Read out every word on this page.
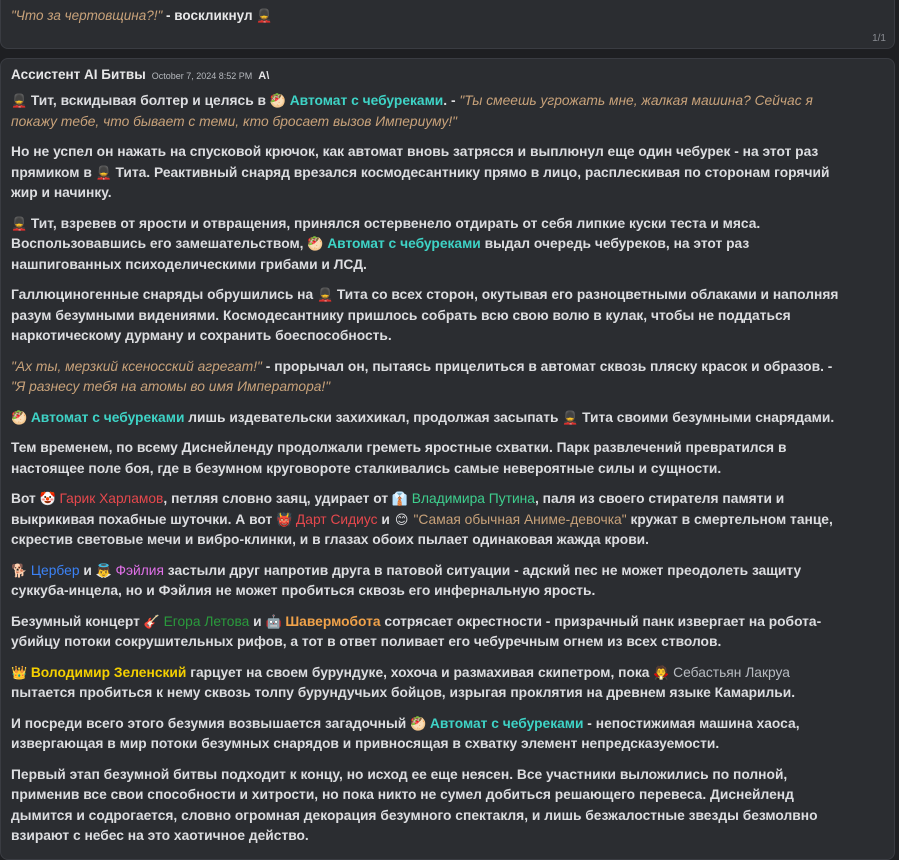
"Что за чертовщина?!" - воскликнул 💂
1/1
Ассистент AI Битвы October 7, 2024 8:52 PM A\

💂 Тит, вскидывая болтер и целясь в 🥙 Автомат с чебуреками. - "Ты смеешь угрожать мне, жалкая машина? Сейчас я покажу тебе, что бывает с теми, кто бросает вызов Империуму!"

Но не успел он нажать на спусковой крючок, как автомат вновь затрясся и выплюнул еще один чебурек - на этот раз прямиком в 💂 Тита. Реактивный снаряд врезался космодесантнику прямо в лицо, расплескивая по сторонам горячий жир и начинку.

💂 Тит, взревев от ярости и отвращения, принялся остервенело отдирать от себя липкие куски теста и мяса. Воспользовавшись его замешательством, 🥙 Автомат с чебуреками выдал очередь чебуреков, на этот раз нашпигованных психоделическими грибами и ЛСД.

Галлюциногенные снаряды обрушились на 💂 Тита со всех сторон, окутывая его разноцветными облаками и наполняя разум безумными видениями. Космодесантнику пришлось собрать всю свою волю в кулак, чтобы не поддаться наркотическому дурману и сохранить боеспособность.

"Ах ты, мерзкий ксеносский агрегат!" - прорычал он, пытаясь прицелиться в автомат сквозь пляску красок и образов. - "Я разнесу тебя на атомы во имя Императора!"

🥙 Автомат с чебуреками лишь издевательски захихикал, продолжая засыпать 💂 Тита своими безумными снарядами.

Тем временем, по всему Диснейленду продолжали греметь яростные схватки. Парк развлечений превратился в настоящее поле боя, где в безумном круговороте сталкивались самые невероятные силы и сущности.

Вот 🤡 Гарик Харламов, петляя словно заяц, удирает от 👔 Владимира Путина, паля из своего стирателя памяти и выкрикивая похабные шуточки. А вот 👹 Дарт Сидиус и 😊 "Самая обычная Аниме-девочка" кружат в смертельном танце, скрестив световые мечи и вибро-клинки, и в глазах обоих пылает одинаковая жажда крови.

🐕 Цербер и 👼 Фэйлия застыли друг напротив друга в патовой ситуации - адский пес не может преодолеть защиту суккуба-инцела, но и Фэйлия не может пробиться сквозь его инфернальную ярость.

Безумный концерт 🎸 Егора Летова и 🤖 Шавермобота сотрясает окрестности - призрачный панк извергает на робота-убийцу потоки сокрушительных рифов, а тот в ответ поливает его чебуречным огнем из всех стволов.

👑 Володимир Зеленский гарцует на своем бурундуке, хохоча и размахивая скипетром, пока 🧛 Себастьян Лакруа пытается пробиться к нему сквозь толпу бурундучьих бойцов, изрыгая проклятия на древнем языке Камарильи.

И посреди всего этого безумия возвышается загадочный 🥙 Автомат с чебуреками - непостижимая машина хаоса, извергающая в мир потоки безумных снарядов и привносящая в схватку элемент непредсказуемости.

Первый этап безумной битвы подходит к концу, но исход ее еще неясен. Все участники выложились по полной, применив все свои способности и хитрости, но пока никто не сумел добиться решающего перевеса. Диснейленд дымится и содрогается, словно огромная декорация безумного спектакля, и лишь безжалостные звезды безмолвно взирают с небес на это хаотичное действо.
